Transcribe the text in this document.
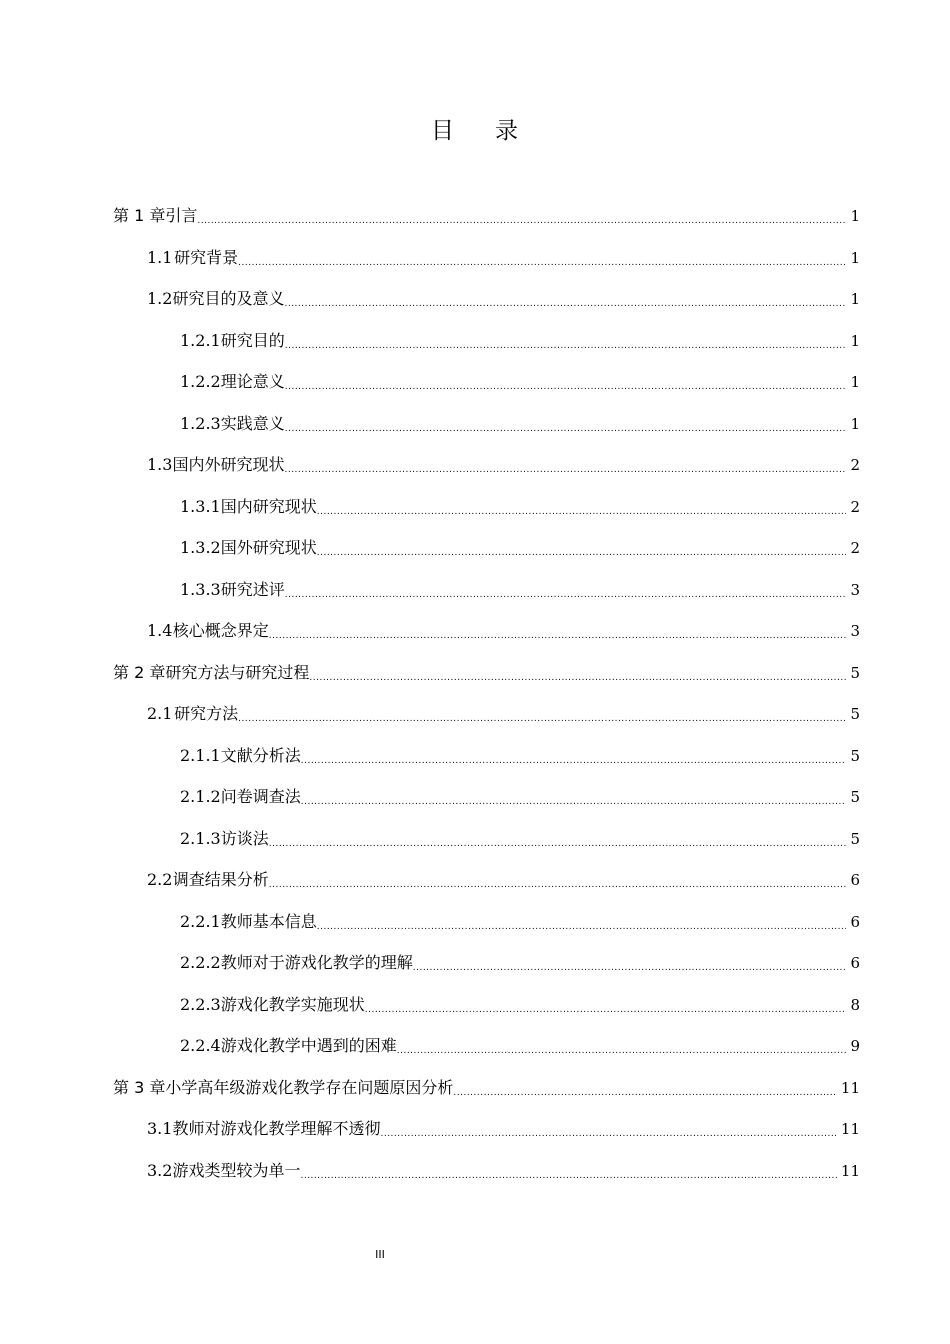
目 录
第 1 章 引言 .....	1
1.1 研究背景 .....	1
1.2 研究目的及意义 .....	1
1.2.1 研究目的 .....	1
1.2.2 理论意义 .....	1
1.2.3 实践意义 .....	1
1.3 国内外研究现状 .....	2
1.3.1 国内研究现状 .....	2
1.3.2 国外研究现状 .....	2
1.3.3 研究述评 .....	3
1.4 核心概念界定 .....	3
第 2 章 研究方法与研究过程 .....	5
2.1 研究方法 .....	5
2.1.1 文献分析法 .....	5
2.1.2 问卷调查法 .....	5
2.1.3 访谈法 .....	5
2.2 调查结果分析 .....	6
2.2.1 教师基本信息 .....	6
2.2.2 教师对于游戏化教学的理解 .....	6
2.2.3 游戏化教学实施现状 .....	8
2.2.4 游戏化教学中遇到的困难 .....	9
第 3 章 小学高年级游戏化教学存在问题原因分析 .....	11
3.1 教师对游戏化教学理解不透彻 .....	11
3.2 游戏类型较为单一 .....	11
III
